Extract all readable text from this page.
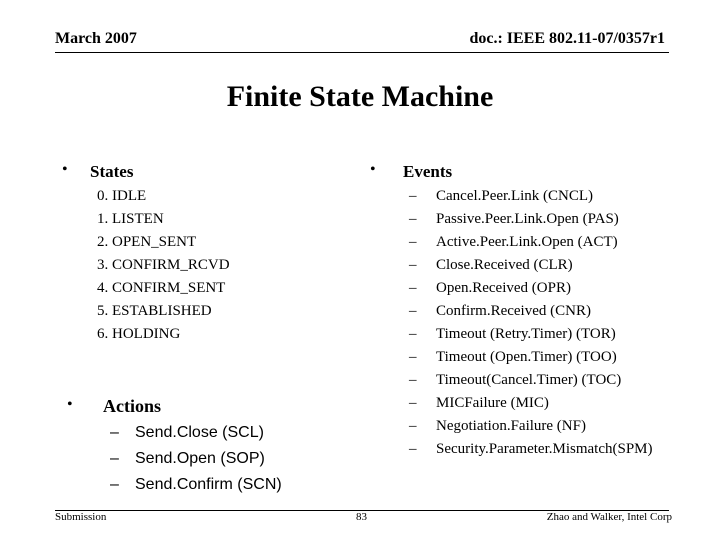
March 2007	doc.: IEEE 802.11-07/0357r1
Finite State Machine
• States
0. IDLE
1. LISTEN
2. OPEN_SENT
3. CONFIRM_RCVD
4. CONFIRM_SENT
5. ESTABLISHED
6. HOLDING
• Events
– Cancel.Peer.Link (CNCL)
– Passive.Peer.Link.Open (PAS)
– Active.Peer.Link.Open (ACT)
– Close.Received (CLR)
– Open.Received (OPR)
– Confirm.Received (CNR)
– Timeout (Retry.Timer) (TOR)
– Timeout (Open.Timer) (TOO)
– Timeout(Cancel.Timer) (TOC)
– MICFailure (MIC)
– Negotiation.Failure (NF)
– Security.Parameter.Mismatch(SPM)
• Actions
– Send.Close (SCL)
– Send.Open (SOP)
– Send.Confirm (SCN)
Submission	83	Zhao and Walker, Intel Corp
